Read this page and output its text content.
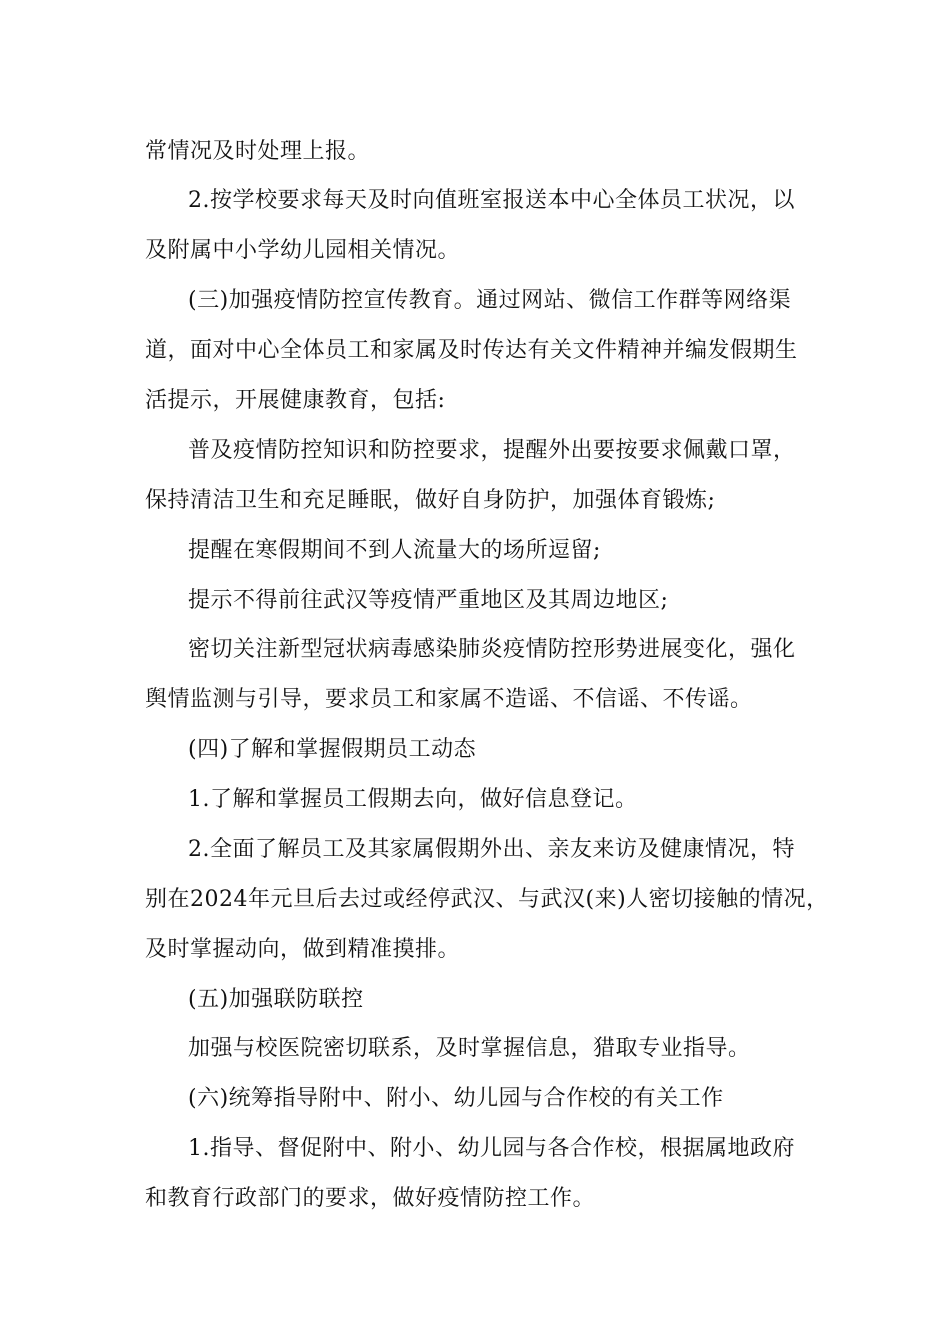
常情况及时处理上报。
2.按学校要求每天及时向值班室报送本中心全体员工状况，以
及附属中小学幼儿园相关情况。
(三)加强疫情防控宣传教育。通过网站、微信工作群等网络渠
道，面对中心全体员工和家属及时传达有关文件精神并编发假期生
活提示，开展健康教育，包括:
普及疫情防控知识和防控要求，提醒外出要按要求佩戴口罩，
保持清洁卫生和充足睡眠，做好自身防护，加强体育锻炼;
提醒在寒假期间不到人流量大的场所逗留;
提示不得前往武汉等疫情严重地区及其周边地区;
密切关注新型冠状病毒感染肺炎疫情防控形势进展变化，强化
舆情监测与引导，要求员工和家属不造谣、不信谣、不传谣。
(四)了解和掌握假期员工动态
1.了解和掌握员工假期去向，做好信息登记。
2.全面了解员工及其家属假期外出、亲友来访及健康情况，特
别在2024年元旦后去过或经停武汉、与武汉(来)人密切接触的情况，
及时掌握动向，做到精准摸排。
(五)加强联防联控
加强与校医院密切联系，及时掌握信息，猎取专业指导。
(六)统筹指导附中、附小、幼儿园与合作校的有关工作
1.指导、督促附中、附小、幼儿园与各合作校，根据属地政府
和教育行政部门的要求，做好疫情防控工作。
